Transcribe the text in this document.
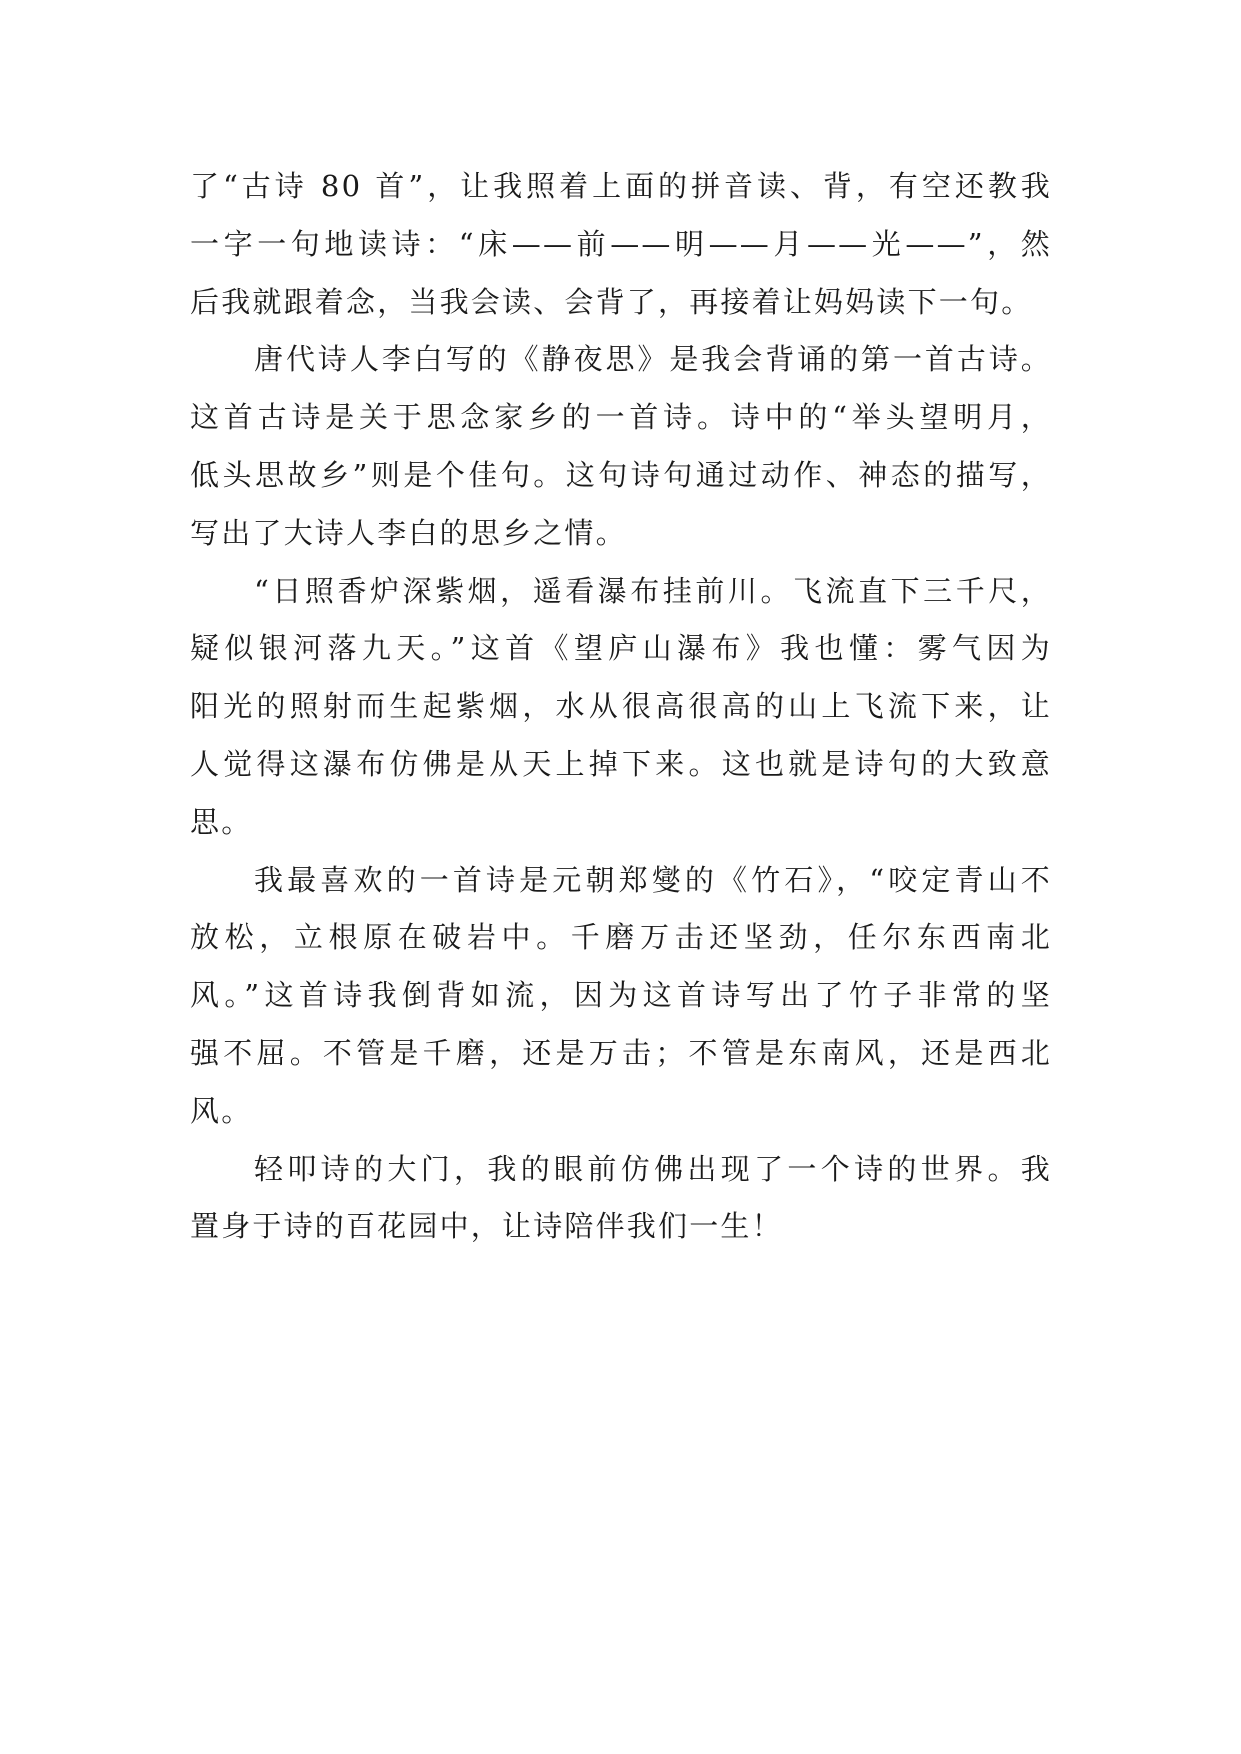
了“古诗 80 首”，让我照着上面的拼音读、背，有空还教我
一字一句地读诗：“床——前——明——月——光——”，然
后我就跟着念，当我会读、会背了，再接着让妈妈读下一句。
唐代诗人李白写的《静夜思》是我会背诵的第一首古诗。
这首古诗是关于思念家乡的一首诗。诗中的“举头望明月，
低头思故乡”则是个佳句。这句诗句通过动作、神态的描写，
写出了大诗人李白的思乡之情。
“日照香炉深紫烟，遥看瀑布挂前川。飞流直下三千尺，
疑似银河落九天。”这首《望庐山瀑布》我也懂：雾气因为
阳光的照射而生起紫烟，水从很高很高的山上飞流下来，让
人觉得这瀑布仿佛是从天上掉下来。这也就是诗句的大致意
思。
我最喜欢的一首诗是元朝郑燮的《竹石》，“咬定青山不
放松，立根原在破岩中。千磨万击还坚劲，任尔东西南北
风。”这首诗我倒背如流，因为这首诗写出了竹子非常的坚
强不屈。不管是千磨，还是万击；不管是东南风，还是西北
风。
轻叩诗的大门，我的眼前仿佛出现了一个诗的世界。我
置身于诗的百花园中，让诗陪伴我们一生！
